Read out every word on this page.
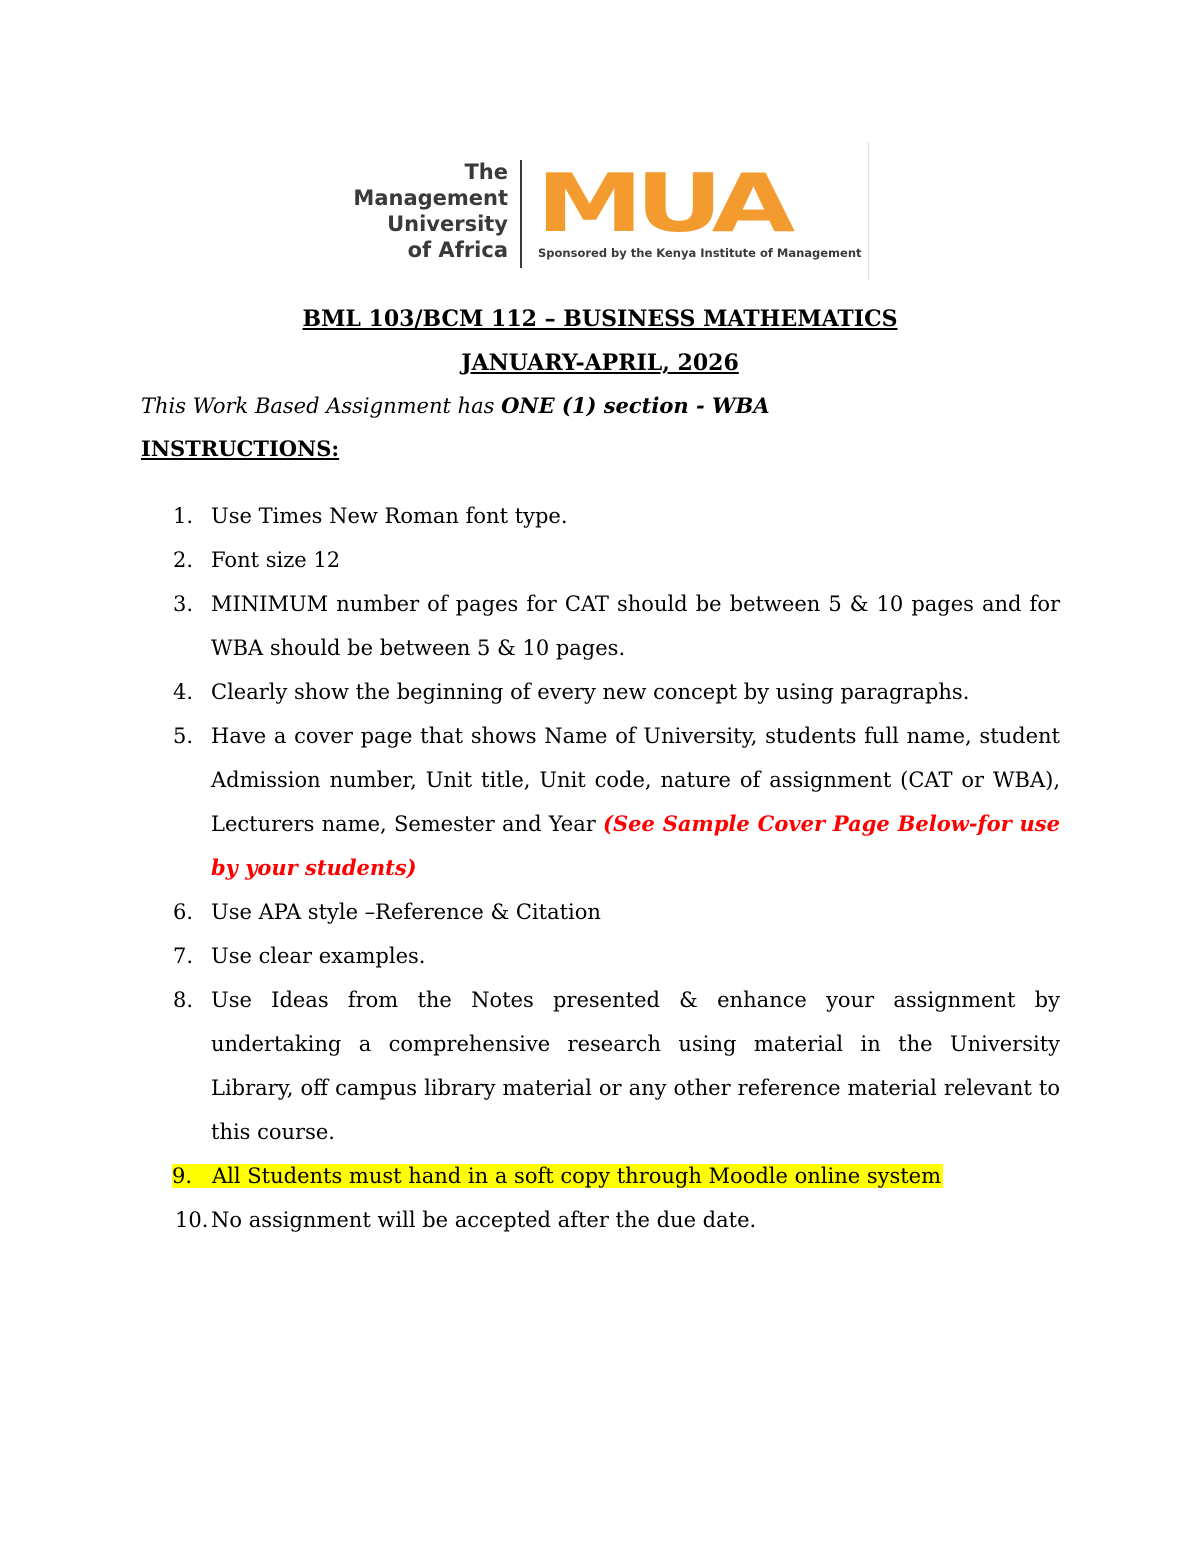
The
Management
University
of Africa MUA
Sponsored by the Kenya Institute of Management
BML 103/BCM 112 – BUSINESS MATHEMATICS
JANUARY-APRIL, 2026
This Work Based Assignment has ONE (1) section - WBA
INSTRUCTIONS:
1. Use Times New Roman font type.
2. Font size 12
3. MINIMUM number of pages for CAT should be between 5 & 10 pages and for WBA should be between 5 & 10 pages.
4. Clearly show the beginning of every new concept by using paragraphs.
5. Have a cover page that shows Name of University, students full name, student Admission number, Unit title, Unit code, nature of assignment (CAT or WBA), Lecturers name, Semester and Year (See Sample Cover Page Below-for use by your students)
6. Use APA style –Reference & Citation
7. Use clear examples.
8. Use Ideas from the Notes presented & enhance your assignment by undertaking a comprehensive research using material in the University Library, off campus library material or any other reference material relevant to this course.
9. All Students must hand in a soft copy through Moodle online system
10. No assignment will be accepted after the due date.
